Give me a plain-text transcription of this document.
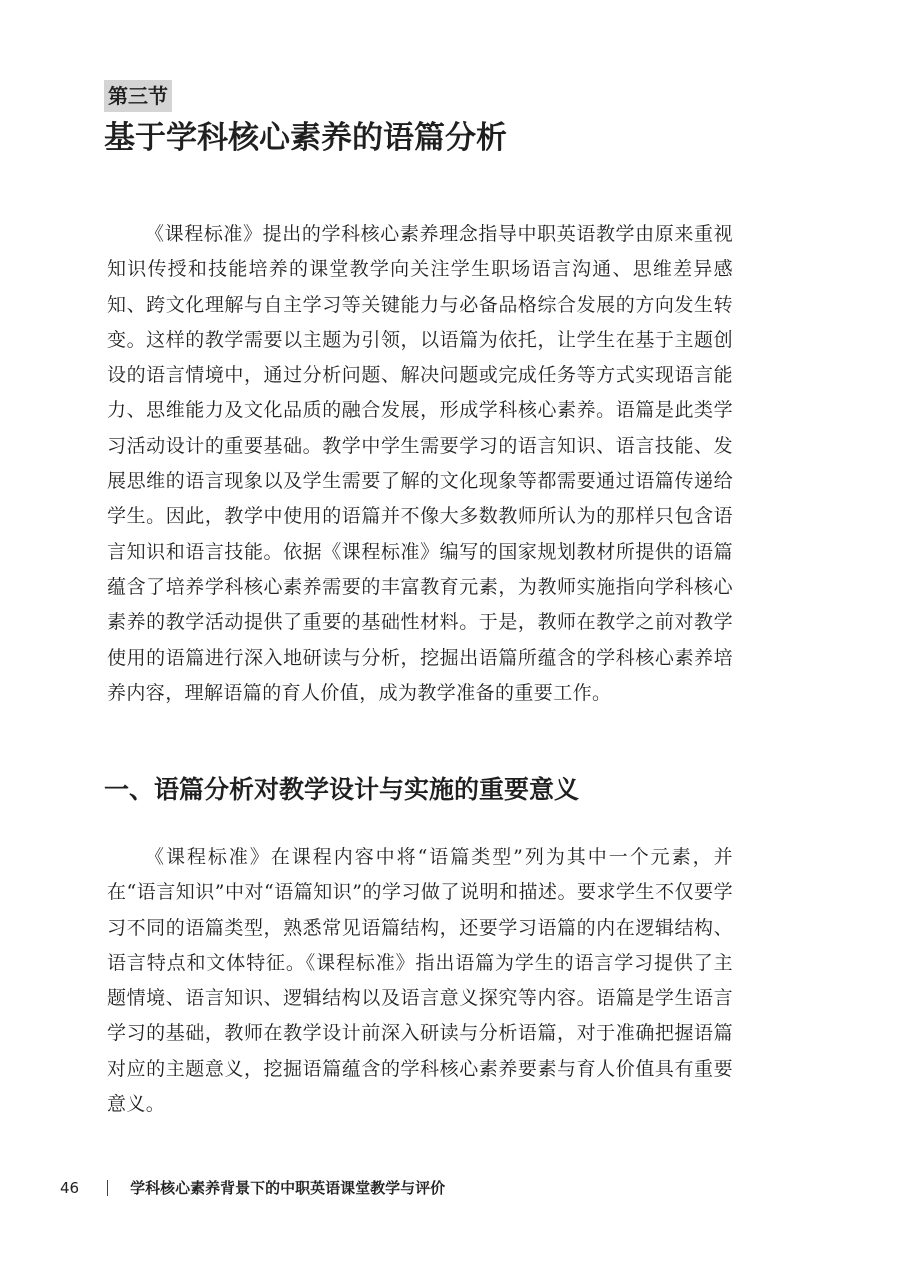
第三节
基于学科核心素养的语篇分析

《课程标准》提出的学科核心素养理念指导中职英语教学由原来重视知识传授和技能培养的课堂教学向关注学生职场语言沟通、思维差异感知、跨文化理解与自主学习等关键能力与必备品格综合发展的方向发生转变。这样的教学需要以主题为引领，以语篇为依托，让学生在基于主题创设的语言情境中，通过分析问题、解决问题或完成任务等方式实现语言能力、思维能力及文化品质的融合发展，形成学科核心素养。语篇是此类学习活动设计的重要基础。教学中学生需要学习的语言知识、语言技能、发展思维的语言现象以及学生需要了解的文化现象等都需要通过语篇传递给学生。因此，教学中使用的语篇并不像大多数教师所认为的那样只包含语言知识和语言技能。依据《课程标准》编写的国家规划教材所提供的语篇蕴含了培养学科核心素养需要的丰富教育元素，为教师实施指向学科核心素养的教学活动提供了重要的基础性材料。于是，教师在教学之前对教学使用的语篇进行深入地研读与分析，挖掘出语篇所蕴含的学科核心素养培养内容，理解语篇的育人价值，成为教学准备的重要工作。

一、语篇分析对教学设计与实施的重要意义

《课程标准》在课程内容中将“语篇类型”列为其中一个元素，并在“语言知识”中对“语篇知识”的学习做了说明和描述。要求学生不仅要学习不同的语篇类型，熟悉常见语篇结构，还要学习语篇的内在逻辑结构、语言特点和文体特征。《课程标准》指出语篇为学生的语言学习提供了主题情境、语言知识、逻辑结构以及语言意义探究等内容。语篇是学生语言学习的基础，教师在教学设计前深入研读与分析语篇，对于准确把握语篇对应的主题意义，挖掘语篇蕴含的学科核心素养要素与育人价值具有重要意义。

46	学科核心素养背景下的中职英语课堂教学与评价
